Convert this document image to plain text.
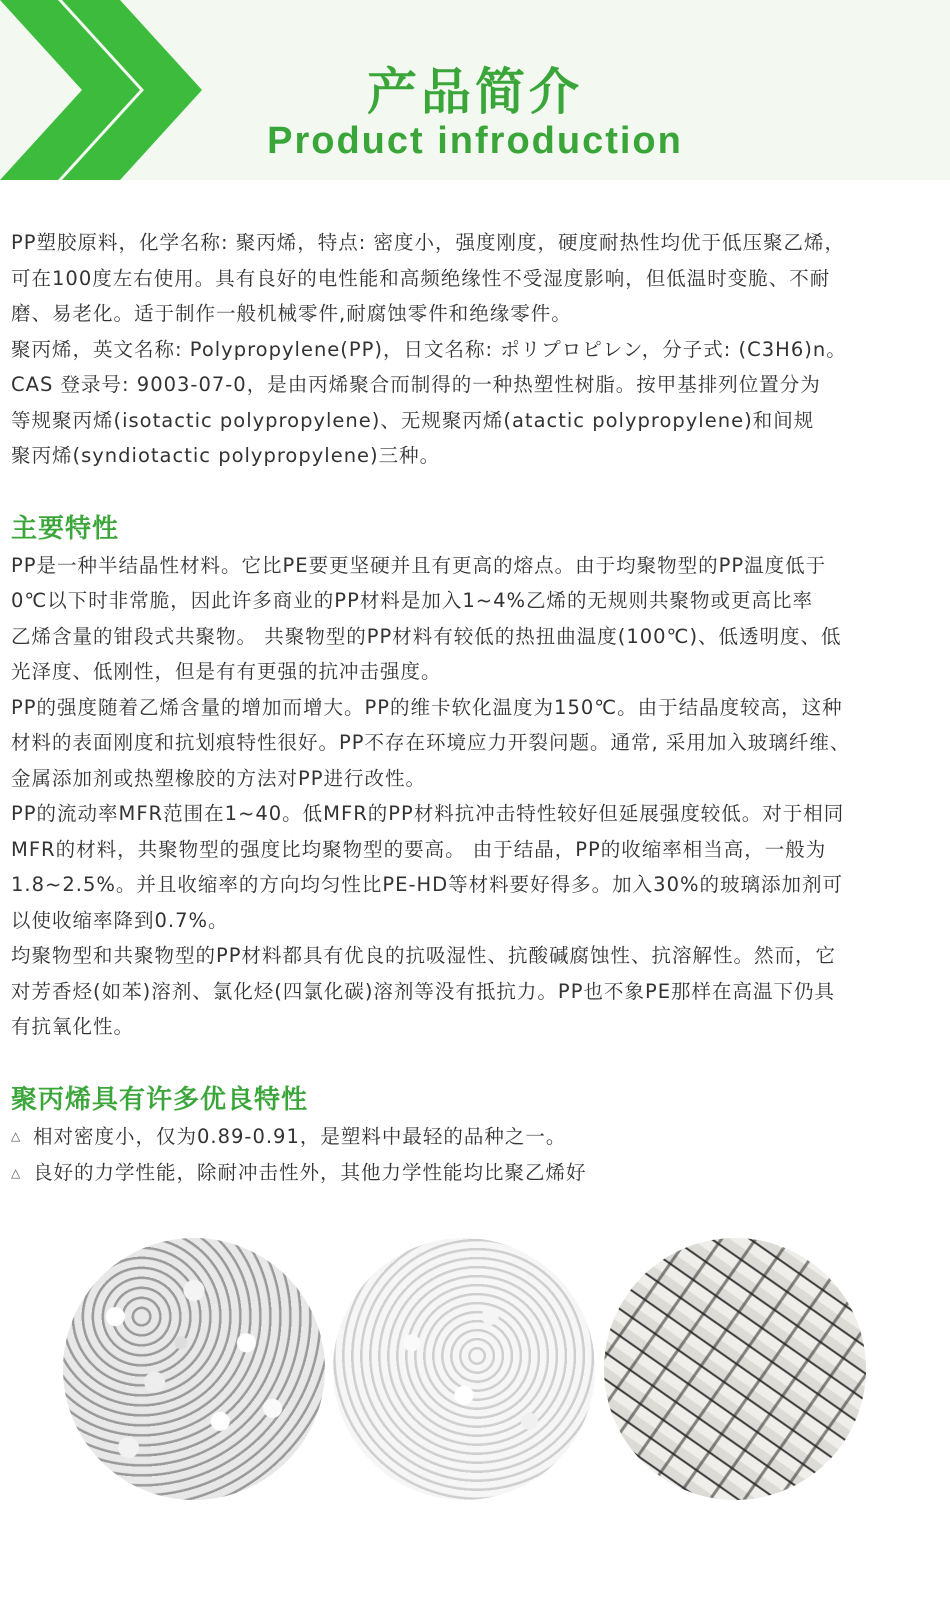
产品简介
Product infroduction
PP塑胶原料，化学名称: 聚丙烯，特点: 密度小，强度刚度，硬度耐热性均优于低压聚乙烯，
可在100度左右使用。具有良好的电性能和高频绝缘性不受湿度影响，但低温时变脆、不耐
磨、易老化。适于制作一般机械零件,耐腐蚀零件和绝缘零件。
聚丙烯，英文名称: Polypropylene(PP)，日文名称: ポリプロピレン，分子式: (C3H6)n。
CAS 登录号: 9003-07-0，是由丙烯聚合而制得的一种热塑性树脂。按甲基排列位置分为
等规聚丙烯(isotactic polypropylene)、无规聚丙烯(atactic polypropylene)和间规
聚丙烯(syndiotactic polypropylene)三种。
主要特性
PP是一种半结晶性材料。它比PE要更坚硬并且有更高的熔点。由于均聚物型的PP温度低于
0℃以下时非常脆，因此许多商业的PP材料是加入1~4%乙烯的无规则共聚物或更高比率
乙烯含量的钳段式共聚物。 共聚物型的PP材料有较低的热扭曲温度(100℃)、低透明度、低
光泽度、低刚性，但是有有更强的抗冲击强度。
PP的强度随着乙烯含量的增加而增大。PP的维卡软化温度为150℃。由于结晶度较高，这种
材料的表面刚度和抗划痕特性很好。PP不存在环境应力开裂问题。通常, 采用加入玻璃纤维、
金属添加剂或热塑橡胶的方法对PP进行改性。
PP的流动率MFR范围在1~40。低MFR的PP材料抗冲击特性较好但延展强度较低。对于相同
MFR的材料，共聚物型的强度比均聚物型的要高。 由于结晶，PP的收缩率相当高，一般为
1.8~2.5%。并且收缩率的方向均匀性比PE-HD等材料要好得多。加入30%的玻璃添加剂可
以使收缩率降到0.7%。
均聚物型和共聚物型的PP材料都具有优良的抗吸湿性、抗酸碱腐蚀性、抗溶解性。然而，它
对芳香烃(如苯)溶剂、氯化烃(四氯化碳)溶剂等没有抵抗力。PP也不象PE那样在高温下仍具
有抗氧化性。
聚丙烯具有许多优良特性
△ 相对密度小，仅为0.89-0.91，是塑料中最轻的品种之一。
△ 良好的力学性能，除耐冲击性外，其他力学性能均比聚乙烯好
